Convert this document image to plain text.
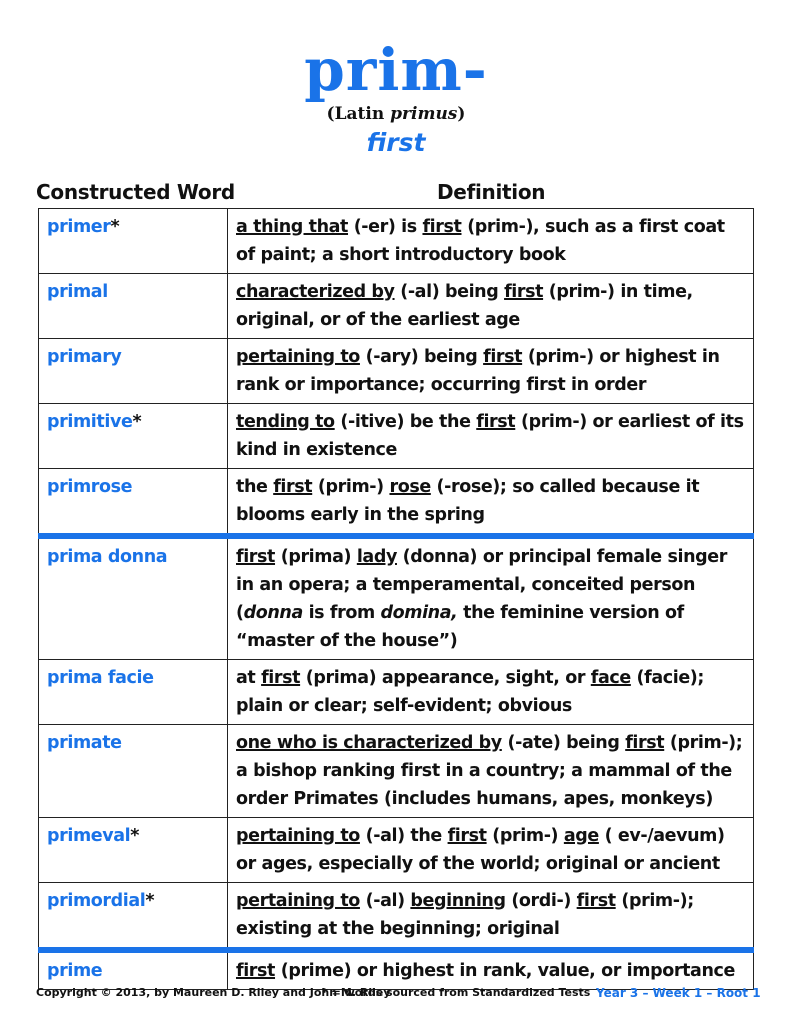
prim-
(Latin primus)
first
Constructed Word	Definition
primer*	a thing that (-er) is first (prim-), such as a first coat of paint; a short introductory book
primal	characterized by (-al) being first (prim-) in time, original, or of the earliest age
primary	pertaining to (-ary) being first (prim-) or highest in rank or importance; occurring first in order
primitive*	tending to (-itive) be the first (prim-) or earliest of its kind in existence
primrose	the first (prim-) rose (-rose); so called because it blooms early in the spring
prima donna	first (prima) lady (donna) or principal female singer in an opera; a temperamental, conceited person (donna is from domina, the feminine version of “master of the house”)
prima facie	at first (prima) appearance, sight, or face (facie); plain or clear; self-evident; obvious
primate	one who is characterized by (-ate) being first (prim-); a bishop ranking first in a country; a mammal of the order Primates (includes humans, apes, monkeys)
primeval*	pertaining to (-al) the first (prim-) age ( ev-/aevum) or ages, especially of the world; original or ancient
primordial*	pertaining to (-al) beginning (ordi-) first (prim-); existing at the beginning; original
prime	first (prime) or highest in rank, value, or importance
Copyright © 2013, by Maureen D. Riley and John M. Riley
* = words sourced from Standardized Tests Year 3 – Week 1 – Root 1
